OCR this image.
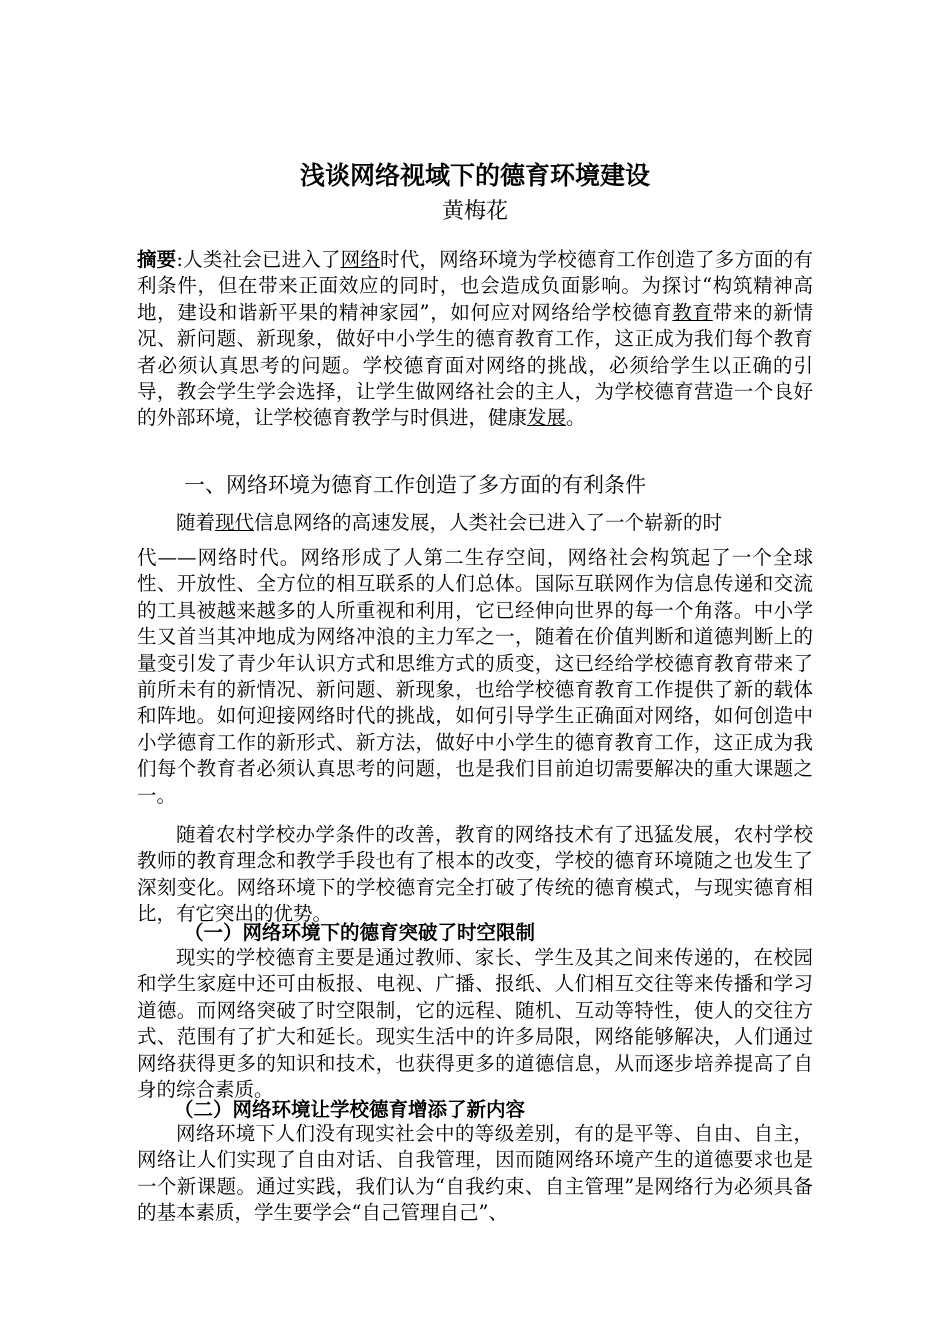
浅谈网络视域下的德育环境建设
黄梅花
摘要:人类社会已进入了网络时代，网络环境为学校德育工作创造了多方面的有利条件，但在带来正面效应的同时，也会造成负面影响。为探讨“构筑精神高地，建设和谐新平果的精神家园”，如何应对网络给学校德育教育带来的新情况、新问题、新现象，做好中小学生的德育教育工作，这正成为我们每个教育者必须认真思考的问题。学校德育面对网络的挑战，必须给学生以正确的引导，教会学生学会选择，让学生做网络社会的主人，为学校德育营造一个良好的外部环境，让学校德育教学与时俱进，健康发展。
一、网络环境为德育工作创造了多方面的有利条件
随着现代信息网络的高速发展，人类社会已进入了一个崭新的时
代——网络时代。网络形成了人第二生存空间，网络社会构筑起了一个全球性、开放性、全方位的相互联系的人们总体。国际互联网作为信息传递和交流的工具被越来越多的人所重视和利用，它已经伸向世界的每一个角落。中小学生又首当其冲地成为网络冲浪的主力军之一，随着在价值判断和道德判断上的量变引发了青少年认识方式和思维方式的质变，这已经给学校德育教育带来了前所未有的新情况、新问题、新现象，也给学校德育教育工作提供了新的载体和阵地。如何迎接网络时代的挑战，如何引导学生正确面对网络，如何创造中小学德育工作的新形式、新方法，做好中小学生的德育教育工作，这正成为我们每个教育者必须认真思考的问题，也是我们目前迫切需要解决的重大课题之一。
随着农村学校办学条件的改善，教育的网络技术有了迅猛发展，农村学校教师的教育理念和教学手段也有了根本的改变，学校的德育环境随之也发生了深刻变化。网络环境下的学校德育完全打破了传统的德育模式，与现实德育相比，有它突出的优势。
（一）网络环境下的德育突破了时空限制
现实的学校德育主要是通过教师、家长、学生及其之间来传递的，在校园和学生家庭中还可由板报、电视、广播、报纸、人们相互交往等来传播和学习道德。而网络突破了时空限制，它的远程、随机、互动等特性，使人的交往方式、范围有了扩大和延长。现实生活中的许多局限，网络能够解决，人们通过网络获得更多的知识和技术，也获得更多的道德信息，从而逐步培养提高了自身的综合素质。
（二）网络环境让学校德育增添了新内容
网络环境下人们没有现实社会中的等级差别，有的是平等、自由、自主，网络让人们实现了自由对话、自我管理，因而随网络环境产生的道德要求也是一个新课题。通过实践，我们认为“自我约束、自主管理”是网络行为必须具备的基本素质，学生要学会“自己管理自己”、
